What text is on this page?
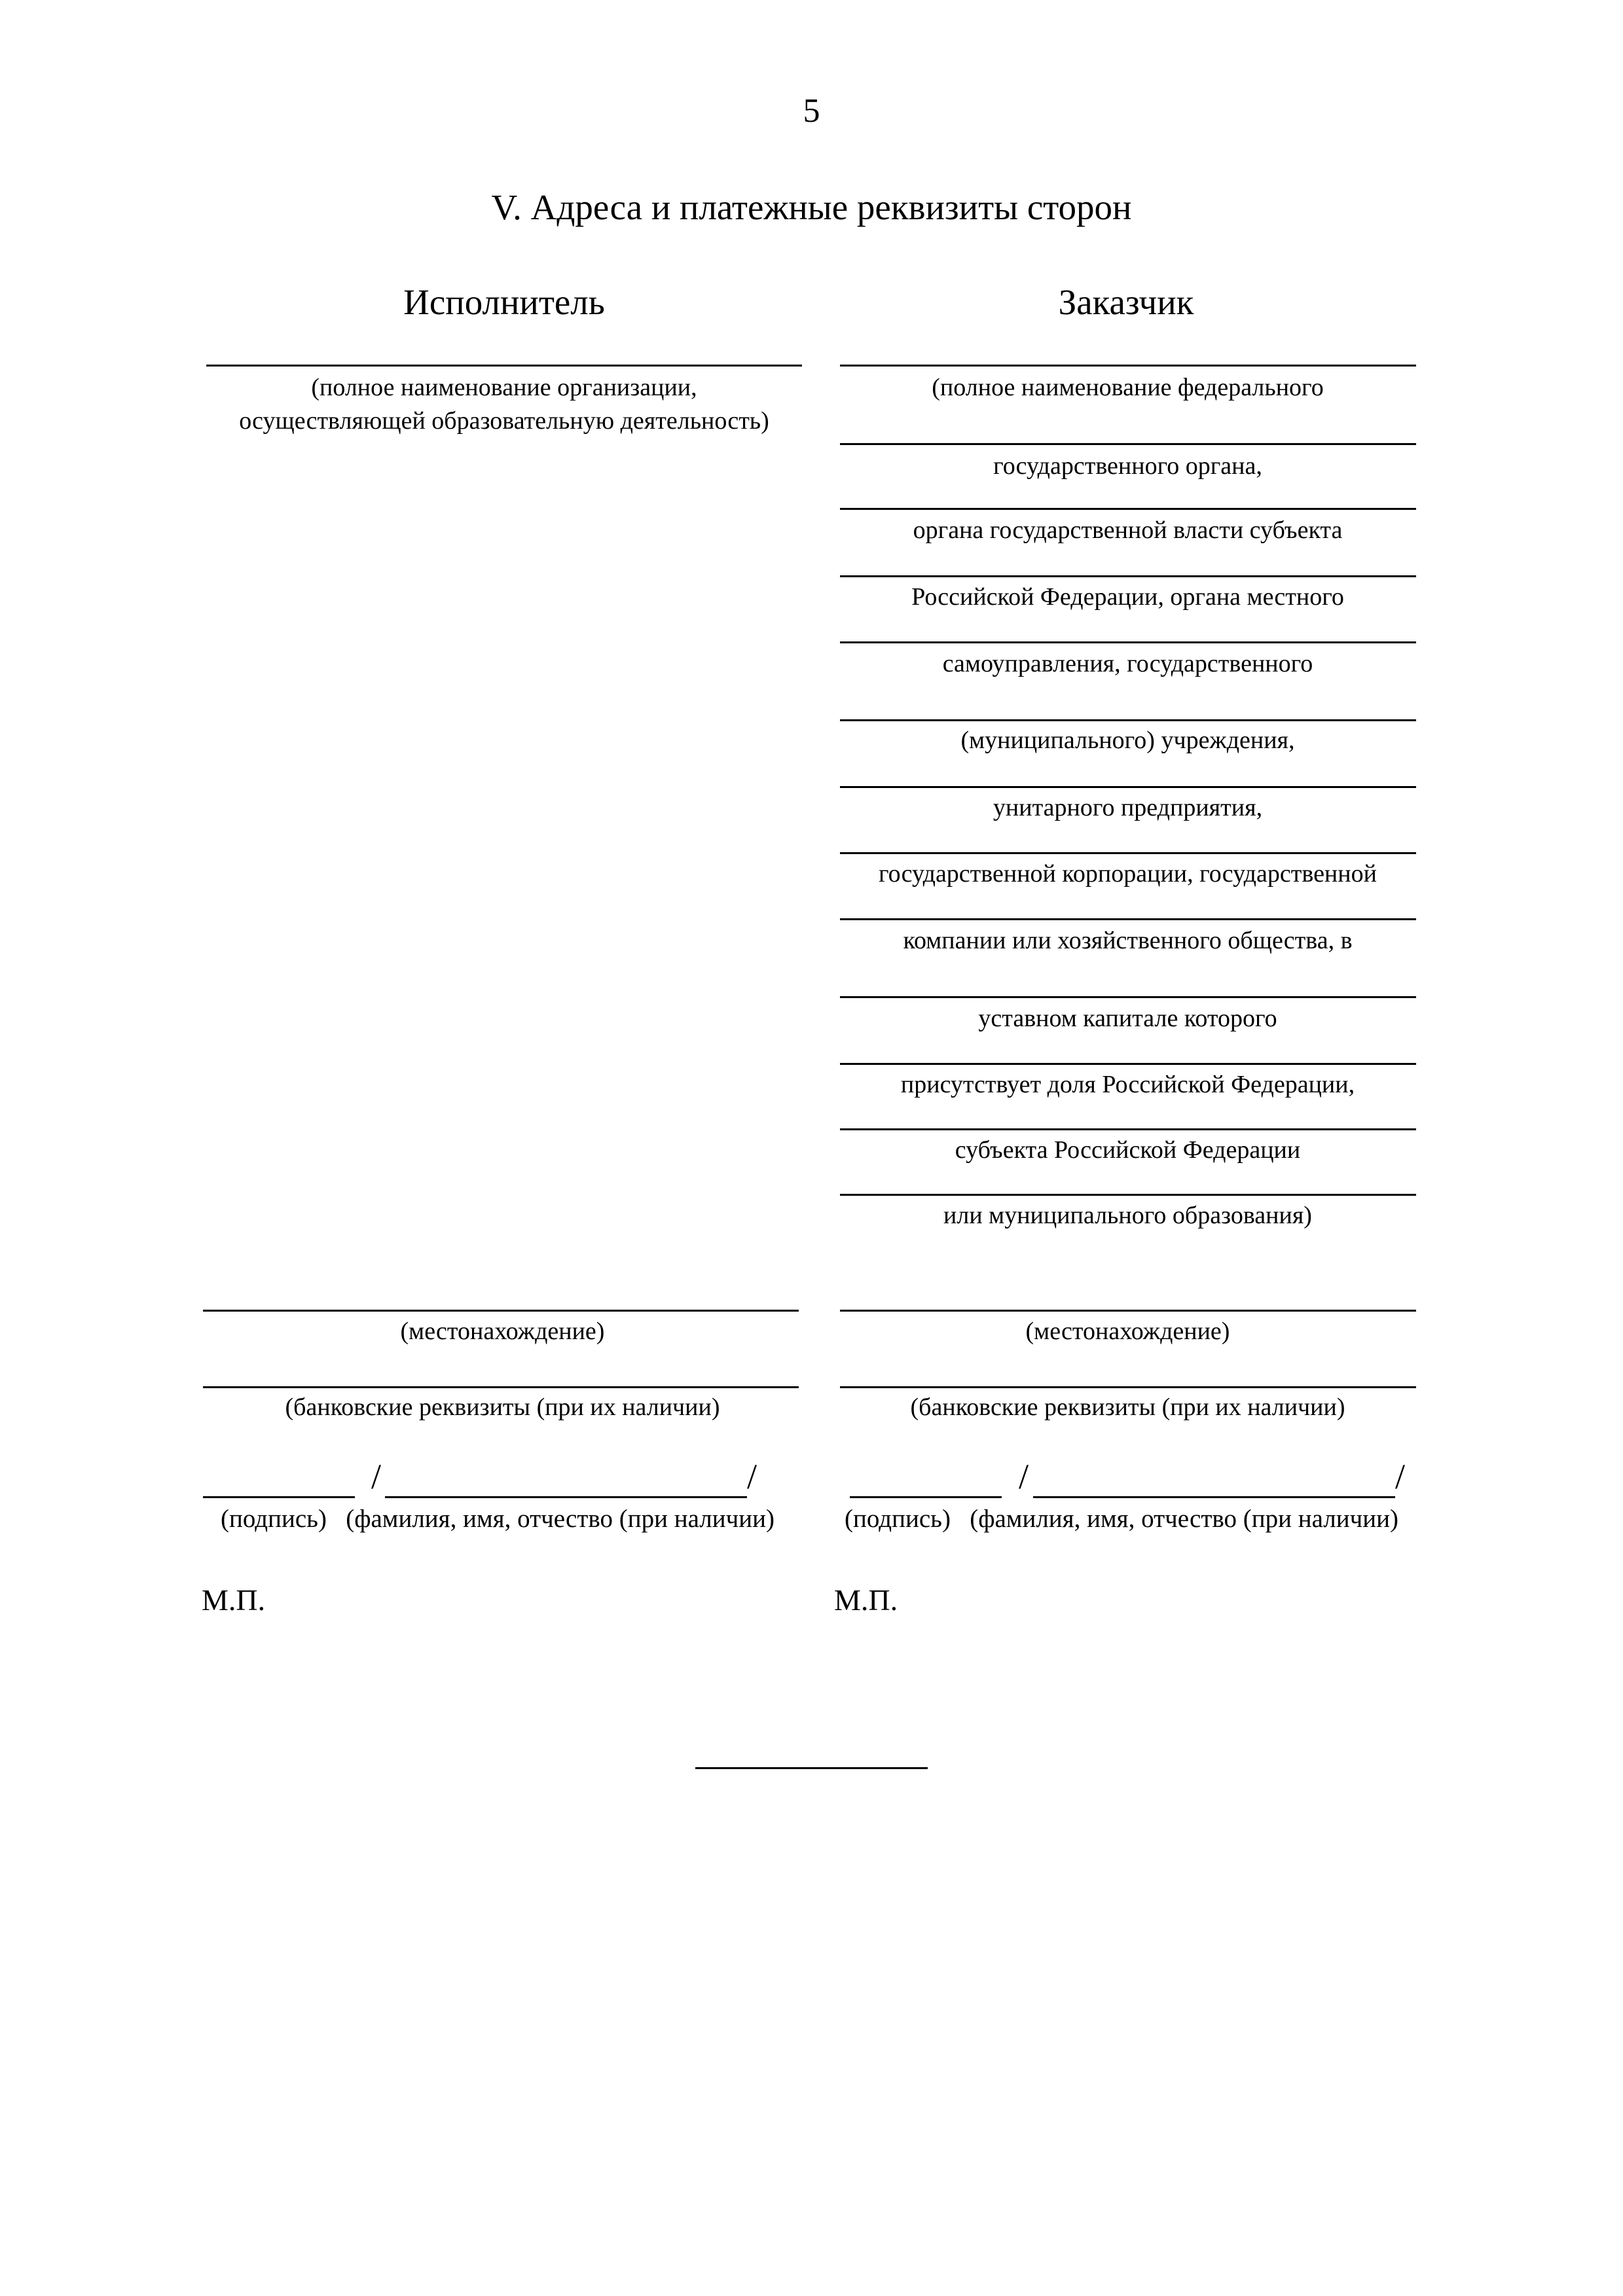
5
V. Адреса и платежные реквизиты сторон
Исполнитель
(полное наименование организации,
осуществляющей образовательную деятельность)
(местонахождение)
(банковские реквизиты (при их наличии)
/	/
(подпись) (фамилия, имя, отчество (при наличии)
М.П.
Заказчик
(полное наименование федерального
государственного органа,
органа государственной власти субъекта
Российской Федерации, органа местного
самоуправления, государственного
(муниципального) учреждения,
унитарного предприятия,
государственной корпорации, государственной
компании или хозяйственного общества, в
уставном капитале которого
присутствует доля Российской Федерации,
субъекта Российской Федерации
или муниципального образования)
(местонахождение)
(банковские реквизиты (при их наличии)
/	/
(подпись) (фамилия, имя, отчество (при наличии)
М.П.
